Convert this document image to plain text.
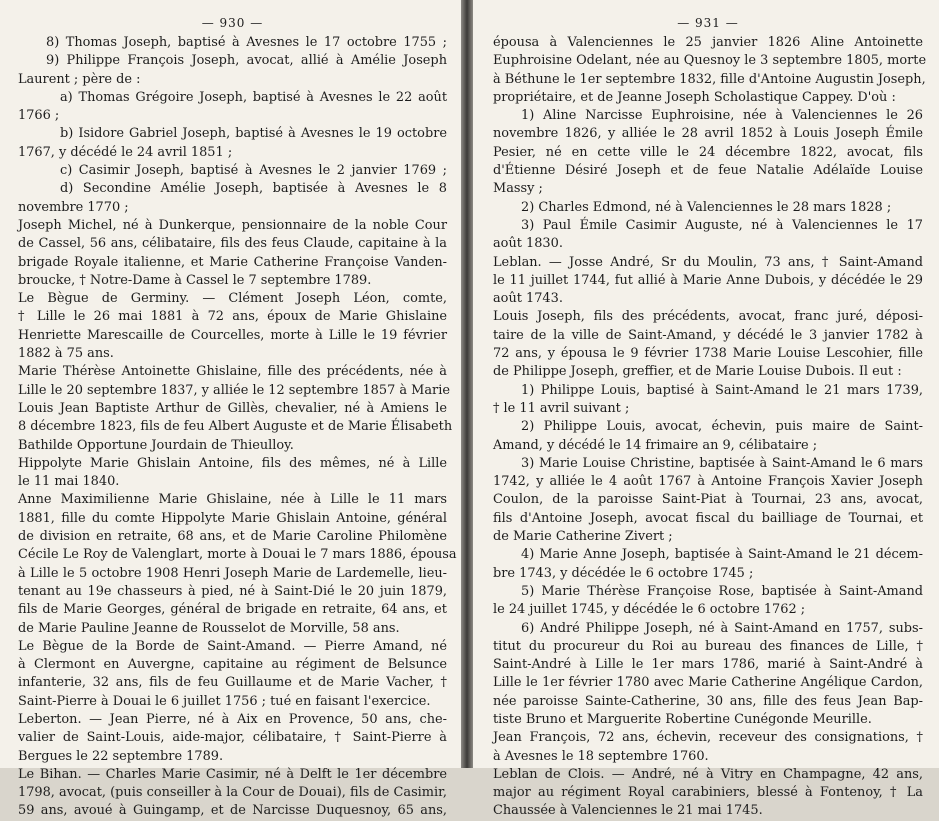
— 930 —
8) Thomas Joseph, baptisé à Avesnes le 17 octobre 1755 ;
9) Philippe François Joseph, avocat, allié à Amélie Joseph
Laurent ; père de :
a) Thomas Grégoire Joseph, baptisé à Avesnes le 22 août
1766 ;
b) Isidore Gabriel Joseph, baptisé à Avesnes le 19 octobre
1767, y décédé le 24 avril 1851 ;
c) Casimir Joseph, baptisé à Avesnes le 2 janvier 1769 ;
d) Secondine Amélie Joseph, baptisée à Avesnes le 8
novembre 1770 ;
Joseph Michel, né à Dunkerque, pensionnaire de la noble Cour
de Cassel, 56 ans, célibataire, fils des feus Claude, capitaine à la
brigade Royale italienne, et Marie Catherine Françoise Vanden-
broucke, † Notre-Dame à Cassel le 7 septembre 1789.
Le Bègue de Germiny. — Clément Joseph Léon, comte,
† Lille le 26 mai 1881 à 72 ans, époux de Marie Ghislaine
Henriette Marescaille de Courcelles, morte à Lille le 19 février
1882 à 75 ans.
Marie Thérèse Antoinette Ghislaine, fille des précédents, née à
Lille le 20 septembre 1837, y alliée le 12 septembre 1857 à Marie
Louis Jean Baptiste Arthur de Gillès, chevalier, né à Amiens le
8 décembre 1823, fils de feu Albert Auguste et de Marie Élisabeth
Bathilde Opportune Jourdain de Thieulloy.
Hippolyte Marie Ghislain Antoine, fils des mêmes, né à Lille
le 11 mai 1840.
Anne Maximilienne Marie Ghislaine, née à Lille le 11 mars
1881, fille du comte Hippolyte Marie Ghislain Antoine, général
de division en retraite, 68 ans, et de Marie Caroline Philomène
Cécile Le Roy de Valenglart, morte à Douai le 7 mars 1886, épousa
à Lille le 5 octobre 1908 Henri Joseph Marie de Lardemelle, lieu-
tenant au 19e chasseurs à pied, né à Saint-Dié le 20 juin 1879,
fils de Marie Georges, général de brigade en retraite, 64 ans, et
de Marie Pauline Jeanne de Rousselot de Morville, 58 ans.
Le Bègue de la Borde de Saint-Amand. — Pierre Amand, né
à Clermont en Auvergne, capitaine au régiment de Belsunce
infanterie, 32 ans, fils de feu Guillaume et de Marie Vacher, †
Saint-Pierre à Douai le 6 juillet 1756 ; tué en faisant l'exercice.
Leberton. — Jean Pierre, né à Aix en Provence, 50 ans, che-
valier de Saint-Louis, aide-major, célibataire, † Saint-Pierre à
Bergues le 22 septembre 1789.
Le Bihan. — Charles Marie Casimir, né à Delft le 1er décembre
1798, avocat, (puis conseiller à la Cour de Douai), fils de Casimir,
59 ans, avoué à Guingamp, et de Narcisse Duquesnoy, 65 ans,
— 931 —
épousa à Valenciennes le 25 janvier 1826 Aline Antoinette
Euphroisine Odelant, née au Quesnoy le 3 septembre 1805, morte
à Béthune le 1er septembre 1832, fille d'Antoine Augustin Joseph,
propriétaire, et de Jeanne Joseph Scholastique Cappey. D'où :
1) Aline Narcisse Euphroisine, née à Valenciennes le 26
novembre 1826, y alliée le 28 avril 1852 à Louis Joseph Émile
Pesier, né en cette ville le 24 décembre 1822, avocat, fils
d'Étienne Désiré Joseph et de feue Natalie Adélaïde Louise
Massy ;
2) Charles Edmond, né à Valenciennes le 28 mars 1828 ;
3) Paul Émile Casimir Auguste, né à Valenciennes le 17
août 1830.
Leblan. — Josse André, Sr du Moulin, 73 ans, † Saint-Amand
le 11 juillet 1744, fut allié à Marie Anne Dubois, y décédée le 29
août 1743.
Louis Joseph, fils des précédents, avocat, franc juré, déposi-
taire de la ville de Saint-Amand, y décédé le 3 janvier 1782 à
72 ans, y épousa le 9 février 1738 Marie Louise Lescohier, fille
de Philippe Joseph, greffier, et de Marie Louise Dubois. Il eut :
1) Philippe Louis, baptisé à Saint-Amand le 21 mars 1739,
† le 11 avril suivant ;
2) Philippe Louis, avocat, échevin, puis maire de Saint-
Amand, y décédé le 14 frimaire an 9, célibataire ;
3) Marie Louise Christine, baptisée à Saint-Amand le 6 mars
1742, y alliée le 4 août 1767 à Antoine François Xavier Joseph
Coulon, de la paroisse Saint-Piat à Tournai, 23 ans, avocat,
fils d'Antoine Joseph, avocat fiscal du bailliage de Tournai, et
de Marie Catherine Zivert ;
4) Marie Anne Joseph, baptisée à Saint-Amand le 21 décem-
bre 1743, y décédée le 6 octobre 1745 ;
5) Marie Thérèse Françoise Rose, baptisée à Saint-Amand
le 24 juillet 1745, y décédée le 6 octobre 1762 ;
6) André Philippe Joseph, né à Saint-Amand en 1757, subs-
titut du procureur du Roi au bureau des finances de Lille, †
Saint-André à Lille le 1er mars 1786, marié à Saint-André à
Lille le 1er février 1780 avec Marie Catherine Angélique Cardon,
née paroisse Sainte-Catherine, 30 ans, fille des feus Jean Bap-
tiste Bruno et Marguerite Robertine Cunégonde Meurille.
Jean François, 72 ans, échevin, receveur des consignations, †
à Avesnes le 18 septembre 1760.
Leblan de Clois. — André, né à Vitry en Champagne, 42 ans,
major au régiment Royal carabiniers, blessé à Fontenoy, † La
Chaussée à Valenciennes le 21 mai 1745.
